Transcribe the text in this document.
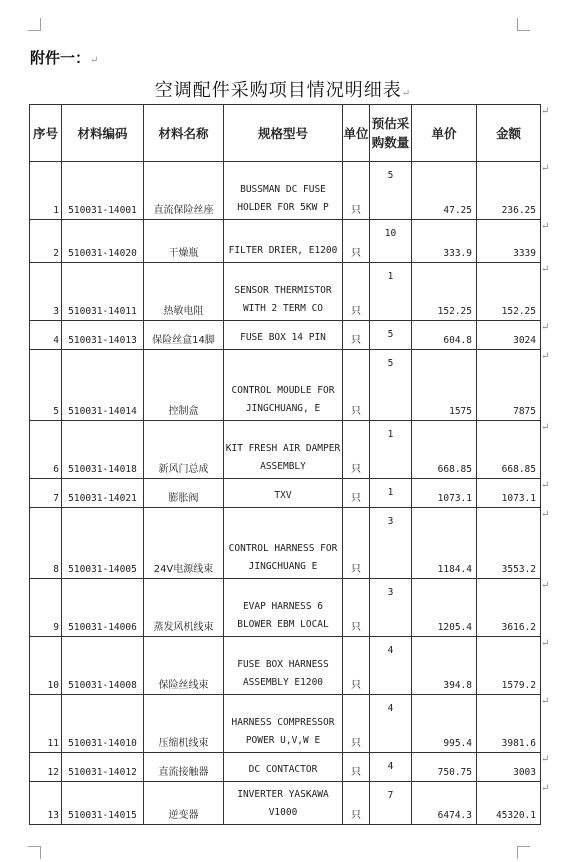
附件一：↵
空调配件采购项目情况明细表↵
序号	材料编码	材料名称	规格型号	单位	预估采购数量	单价	金额
1	510031-14001	直流保险丝座	BUSSMAN DC FUSE HOLDER FOR 5KW P	只	5	47.25	236.25
2	510031-14020	干燥瓶	FILTER DRIER, E1200	只	10	333.9	3339
3	510031-14011	热敏电阻	SENSOR THERMISTOR WITH 2 TERM CO	只	1	152.25	152.25
4	510031-14013	保险丝盒14脚	FUSE BOX 14 PIN	只	5	604.8	3024
5	510031-14014	控制盒	CONTROL MOUDLE FOR JINGCHUANG, E	只	5	1575	7875
6	510031-14018	新风门总成	KIT FRESH AIR DAMPER ASSEMBLY	只	1	668.85	668.85
7	510031-14021	膨胀阀	TXV	只	1	1073.1	1073.1
8	510031-14005	24V电源线束	CONTROL HARNESS FOR JINGCHUANG E	只	3	1184.4	3553.2
9	510031-14006	蒸发风机线束	EVAP HARNESS 6 BLOWER EBM LOCAL	只	3	1205.4	3616.2
10	510031-14008	保险丝线束	FUSE BOX HARNESS ASSEMBLY E1200	只	4	394.8	1579.2
11	510031-14010	压缩机线束	HARNESS COMPRESSOR POWER U,V,W E	只	4	995.4	3981.6
12	510031-14012	直流接触器	DC CONTACTOR	只	4	750.75	3003
13	510031-14015	逆变器	INVERTER YASKAWA V1000	只	7	6474.3	45320.1
↵
↵
↵
↵
↵
↵
↵
↵
↵
↵
↵
↵
↵
↵
